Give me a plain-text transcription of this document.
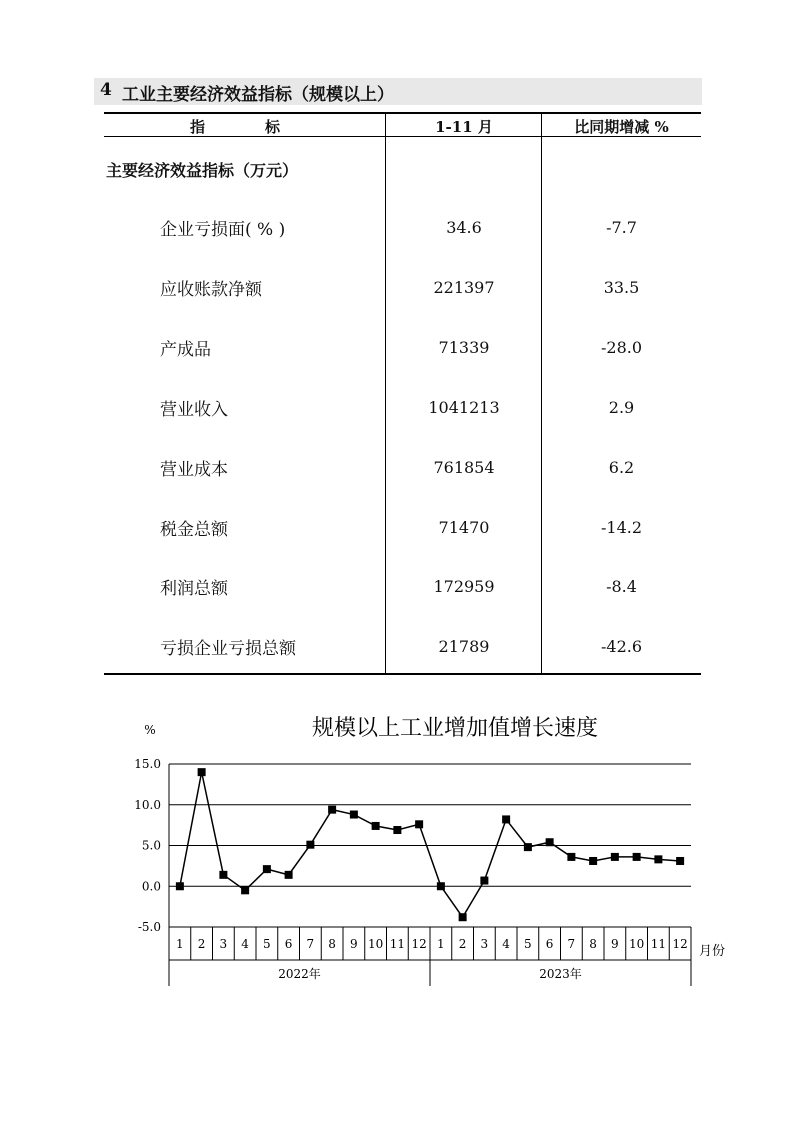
4 工业主要经济效益指标（规模以上）
指　　　　标	1-11 月	比同期增减 %
主要经济效益指标（万元）
企业亏损面( % )	34.6	-7.7
应收账款净额	221397	33.5
产成品	71339	-28.0
营业收入	1041213	2.9
营业成本	761854	6.2
税金总额	71470	-14.2
利润总额	172959	-8.4
亏损企业亏损总额	21789	-42.6
规模以上工业增加值增长速度
%
15.0
10.0
5.0
0.0
-5.0
1 2 3 4 5 6 7 8 9 10 11 12 1 2 3 4 5 6 7 8 9 10 11 12
2022年	2023年
月份
